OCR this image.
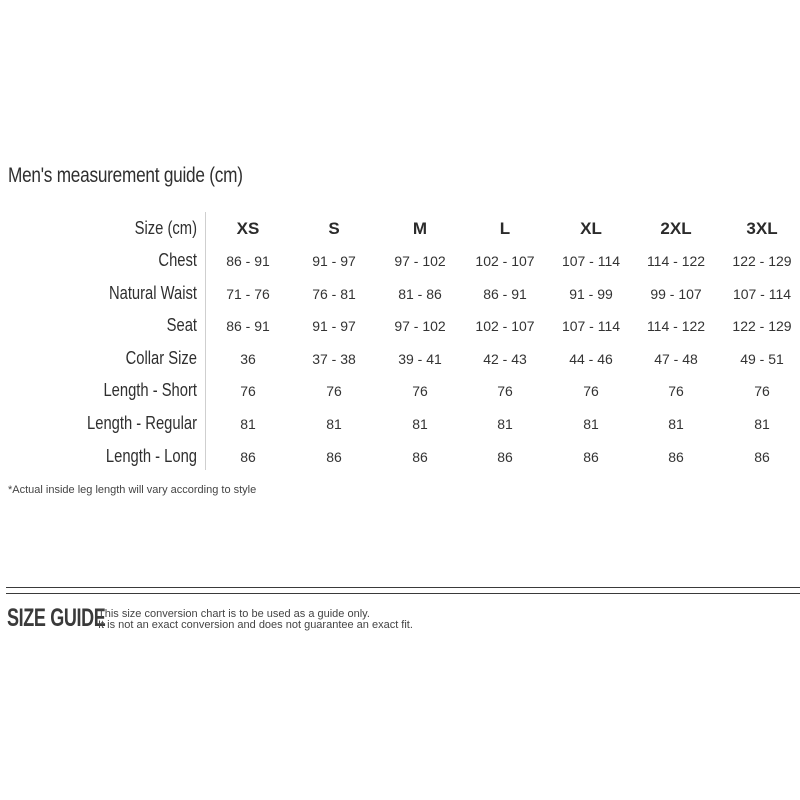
Men's measurement guide (cm)
Size (cm)	XS	S	M	L	XL	2XL	3XL
Chest	86 - 91	91 - 97	97 - 102	102 - 107	107 - 114	114 - 122	122 - 129
Natural Waist	71 - 76	76 - 81	81 - 86	86 - 91	91 - 99	99 - 107	107 - 114
Seat	86 - 91	91 - 97	97 - 102	102 - 107	107 - 114	114 - 122	122 - 129
Collar Size	36	37 - 38	39 - 41	42 - 43	44 - 46	47 - 48	49 - 51
Length - Short	76	76	76	76	76	76	76
Length - Regular	81	81	81	81	81	81	81
Length - Long	86	86	86	86	86	86	86
*Actual inside leg length will vary according to style
SIZE GUIDE
This size conversion chart is to be used as a guide only.
It is not an exact conversion and does not guarantee an exact fit.
